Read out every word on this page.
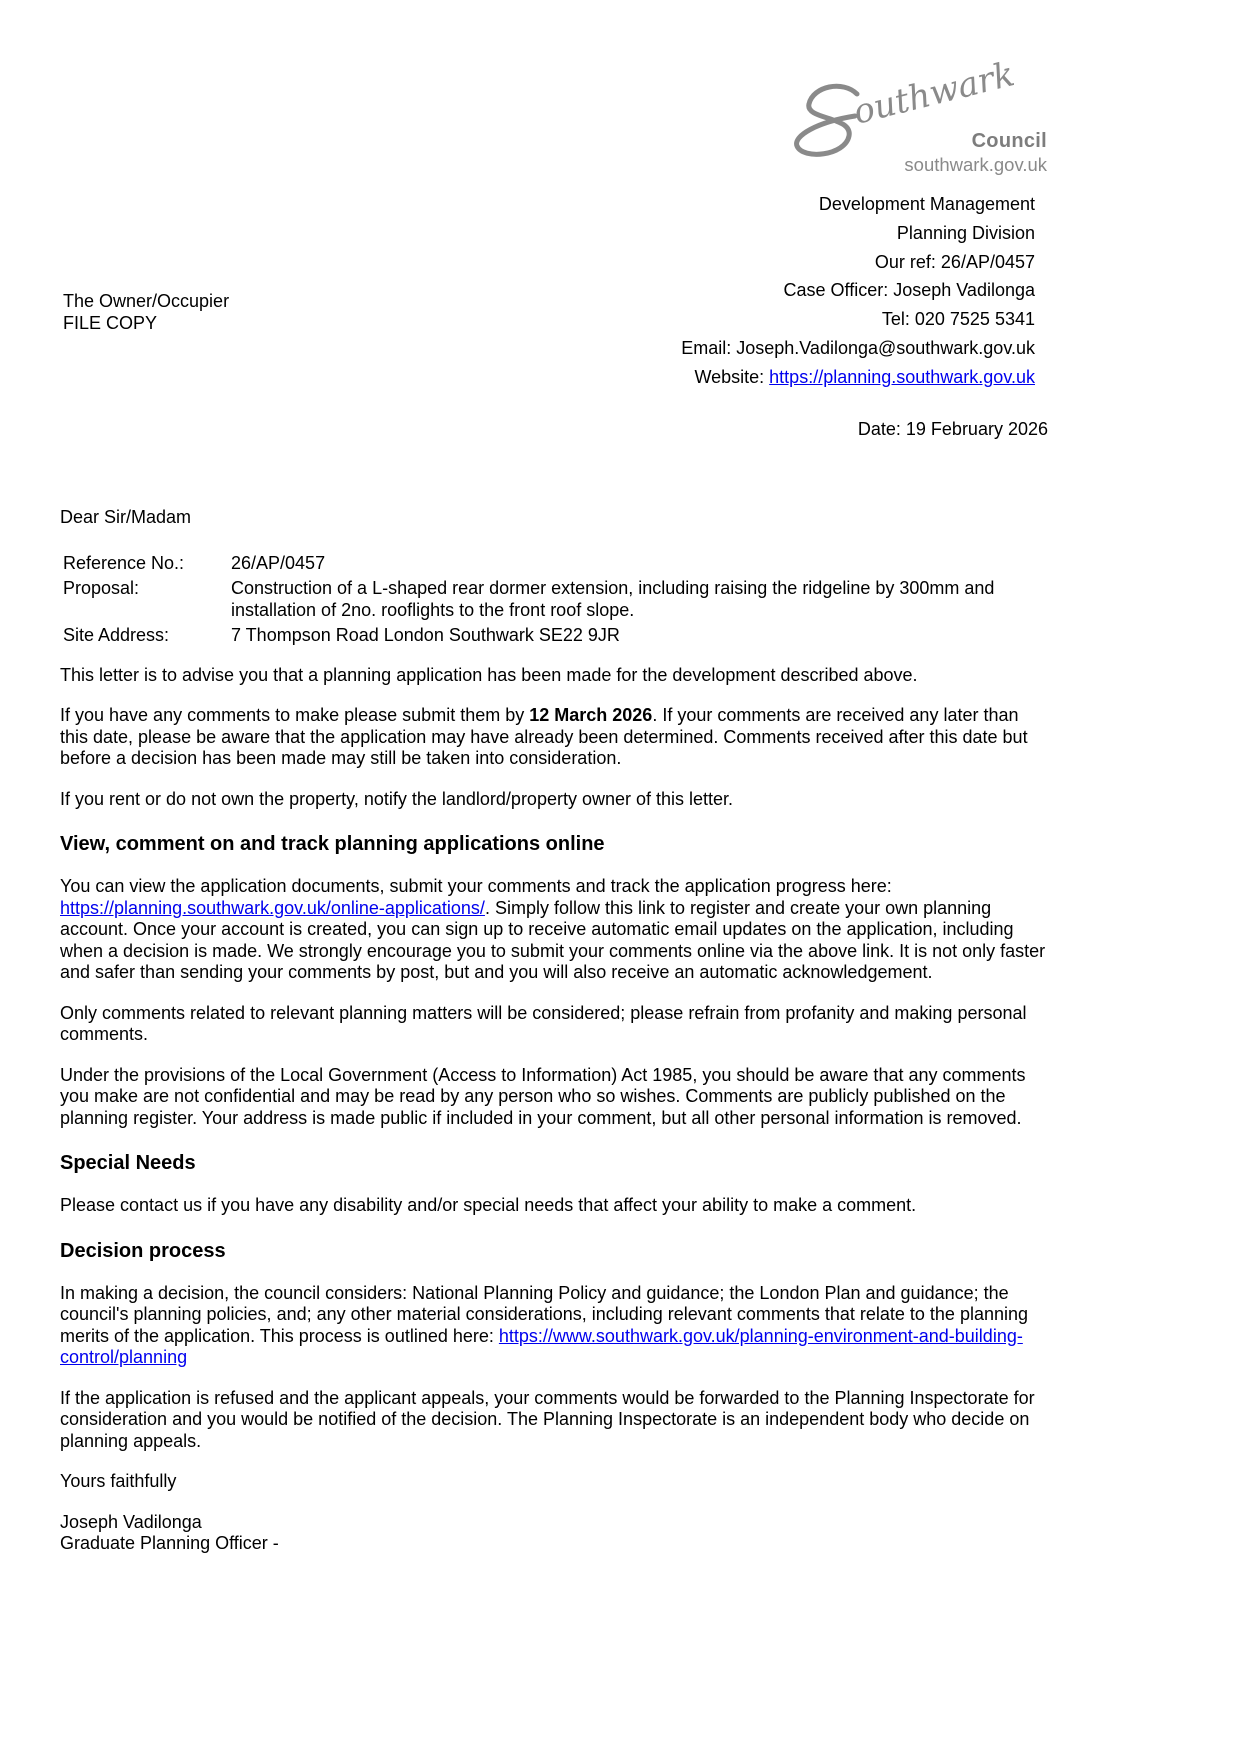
outhwark
Council
southwark.gov.uk
The Owner/Occupier
FILE COPY
Development Management
Planning Division
Our ref: 26/AP/0457
Case Officer: Joseph Vadilonga
Tel: 020 7525 5341
Email: Joseph.Vadilonga@southwark.gov.uk
Website: https://planning.southwark.gov.uk
Date: 19 February 2026

Dear Sir/Madam

Reference No.:	26/AP/0457
Proposal:	Construction of a L-shaped rear dormer extension, including raising the ridgeline by 300mm and installation of 2no. rooflights to the front roof slope.
Site Address:	7 Thompson Road London Southwark SE22 9JR

This letter is to advise you that a planning application has been made for the development described above.

If you have any comments to make please submit them by 12 March 2026. If your comments are received any later than this date, please be aware that the application may have already been determined. Comments received after this date but before a decision has been made may still be taken into consideration.

If you rent or do not own the property, notify the landlord/property owner of this letter.

View, comment on and track planning applications online

You can view the application documents, submit your comments and track the application progress here: https://planning.southwark.gov.uk/online-applications/. Simply follow this link to register and create your own planning account. Once your account is created, you can sign up to receive automatic email updates on the application, including when a decision is made. We strongly encourage you to submit your comments online via the above link. It is not only faster and safer than sending your comments by post, but and you will also receive an automatic acknowledgement.

Only comments related to relevant planning matters will be considered; please refrain from profanity and making personal comments.

Under the provisions of the Local Government (Access to Information) Act 1985, you should be aware that any comments you make are not confidential and may be read by any person who so wishes. Comments are publicly published on the planning register. Your address is made public if included in your comment, but all other personal information is removed.

Special Needs

Please contact us if you have any disability and/or special needs that affect your ability to make a comment.

Decision process

In making a decision, the council considers: National Planning Policy and guidance; the London Plan and guidance; the council's planning policies, and; any other material considerations, including relevant comments that relate to the planning merits of the application. This process is outlined here: https://www.southwark.gov.uk/planning-environment-and-building-control/planning

If the application is refused and the applicant appeals, your comments would be forwarded to the Planning Inspectorate for consideration and you would be notified of the decision. The Planning Inspectorate is an independent body who decide on planning appeals.

Yours faithfully

Joseph Vadilonga

Graduate Planning Officer -
